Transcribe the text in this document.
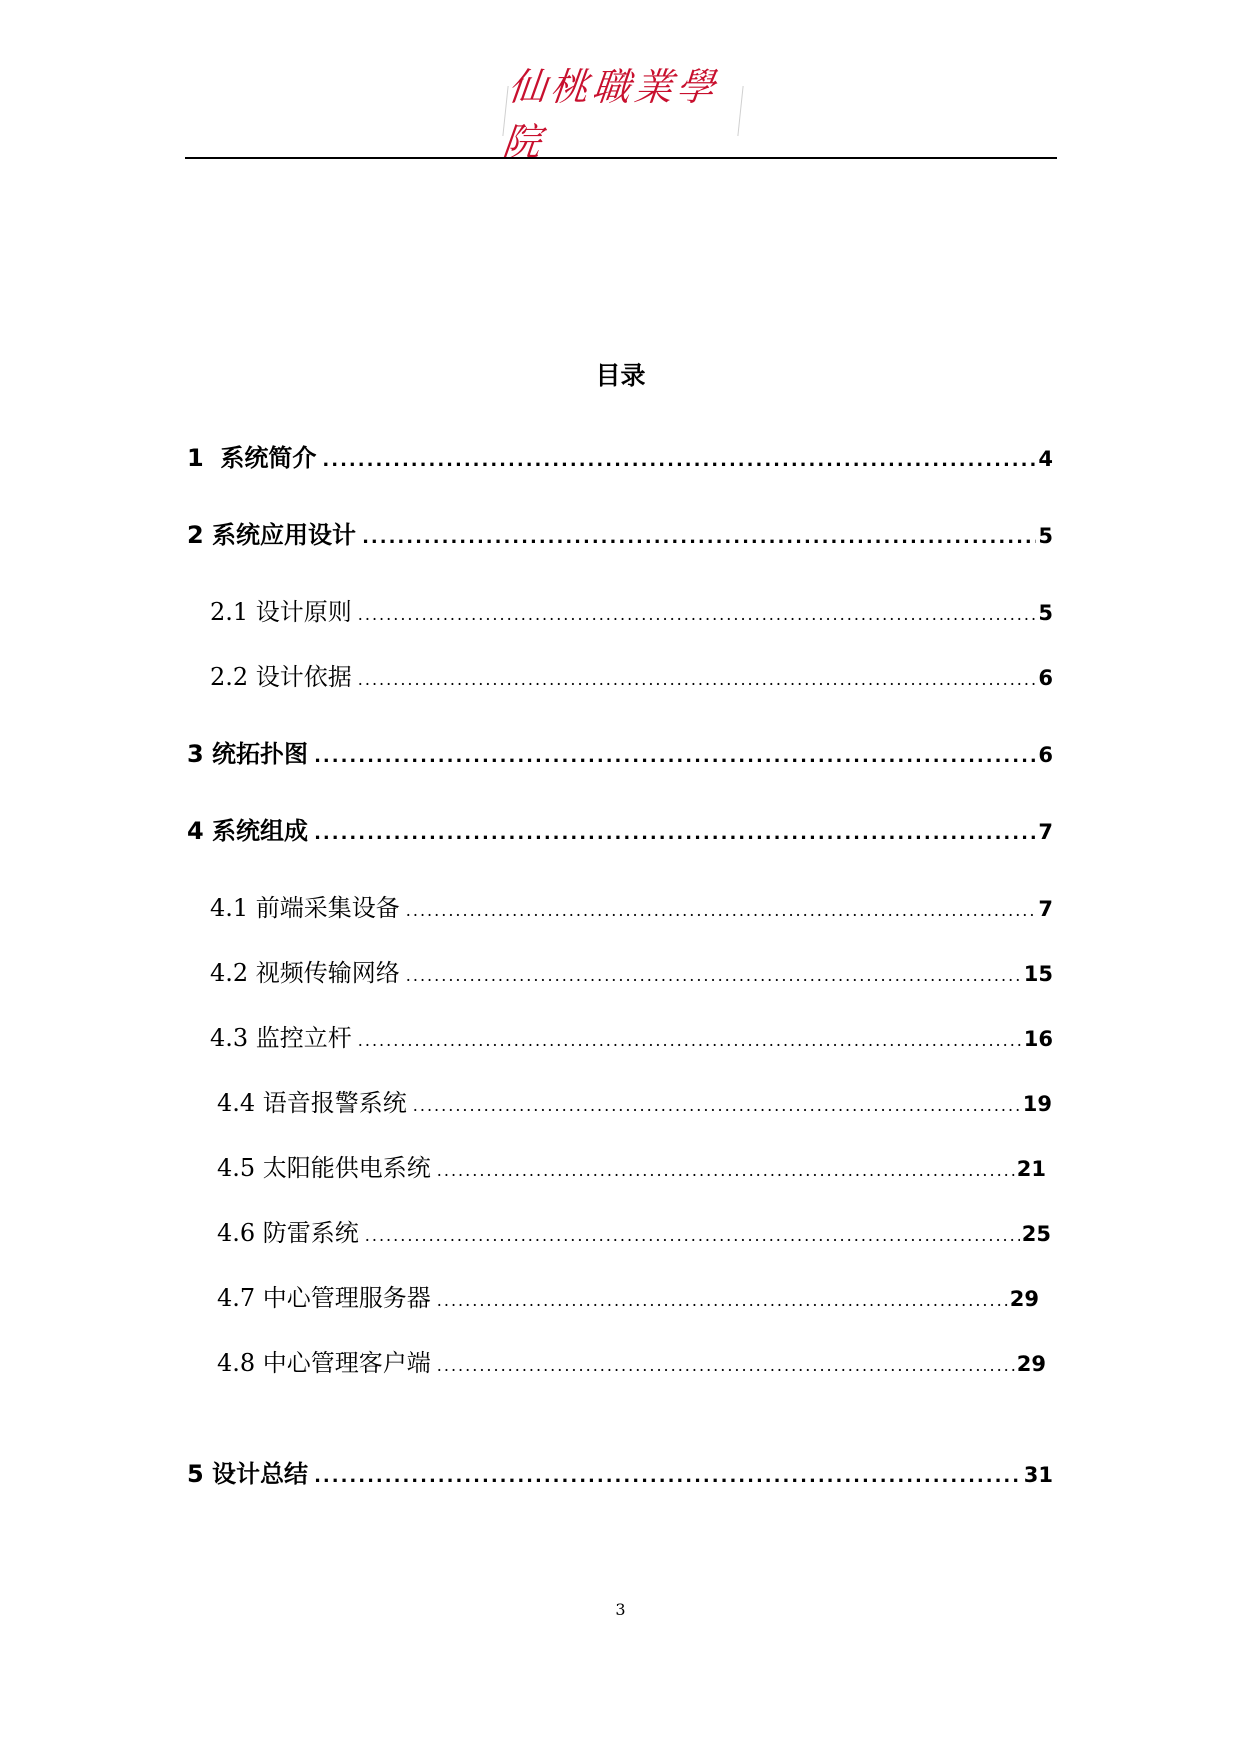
仙桃職業學院
目录
1  系统简介 .....	4
2 系统应用设计 .....	5
2.1 设计原则 .....	5
2.2 设计依据 .....	6
3 统拓扑图 .....	6
4 系统组成 .....	7
4.1 前端采集设备 .....	7
4.2 视频传输网络 .....	15
4.3 监控立杆 .....	16
4.4 语音报警系统 .....	19
4.5 太阳能供电系统 .....	21
4.6 防雷系统 .....	25
4.7 中心管理服务器 .....	29
4.8 中心管理客户端 .....	29
5 设计总结 .....	31
3
